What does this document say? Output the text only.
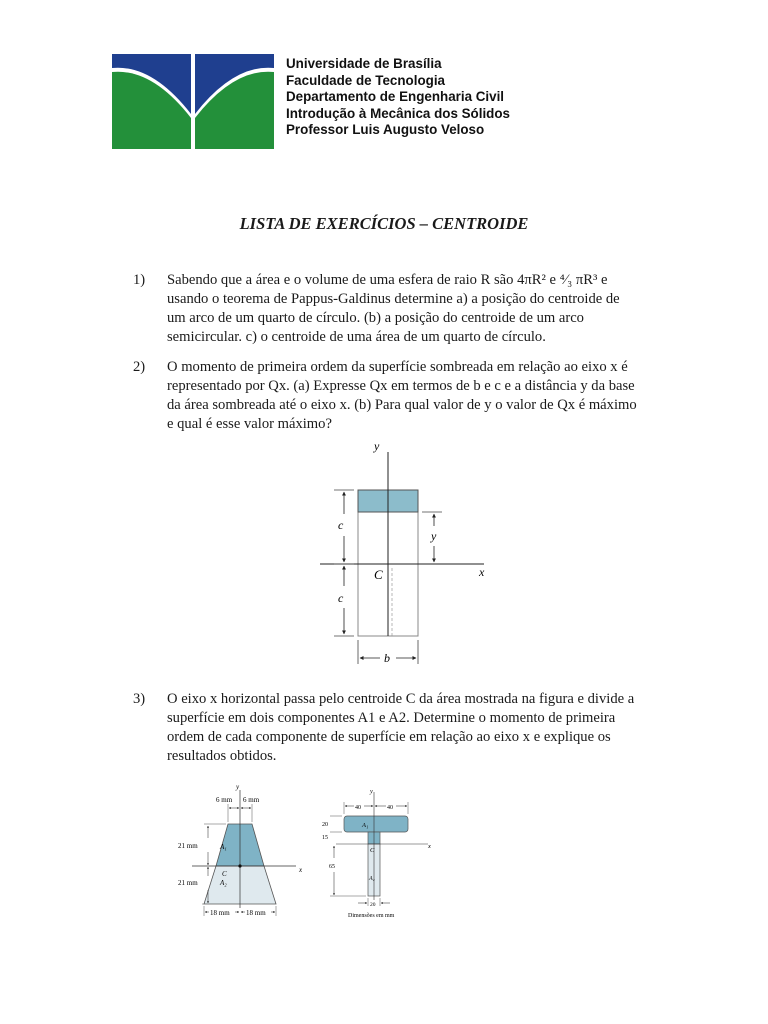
Universidade de Brasília
Faculdade de Tecnologia
Departamento de Engenharia Civil
Introdução à Mecânica dos Sólidos
Professor Luis Augusto Veloso
LISTA DE EXERCÍCIOS – CENTROIDE
1) Sabendo que a área e o volume de uma esfera de raio R são 4πR² e ⁴⁄₃ πR³ e
usando o teorema de Pappus-Galdinus determine a) a posição do centroide de
um arco de um quarto de círculo. (b) a posição do centroide de um arco
semicircular. c) o centroide de uma área de um quarto de círculo.
2) O momento de primeira ordem da superfície sombreada em relação ao eixo x é
representado por Qx. (a) Expresse Qx em termos de b e c e a distância y da base
da área sombreada até o eixo x. (b) Para qual valor de y o valor de Qx é máximo
e qual é esse valor máximo?
y
x
C
c
c
y
b
3) O eixo x horizontal passa pelo centroide C da área mostrada na figura e divide a
superfície em dois componentes A1 e A2. Determine o momento de primeira
ordem de cada componente de superfície em relação ao eixo x e explique os
resultados obtidos.
y
x
A₁
A₂
C
6 mm 6 mm
21 mm
21 mm
18 mm 18 mm
y
x
A₁
A₂
C
40	40
20
15
65
20
Dimensões em mm
